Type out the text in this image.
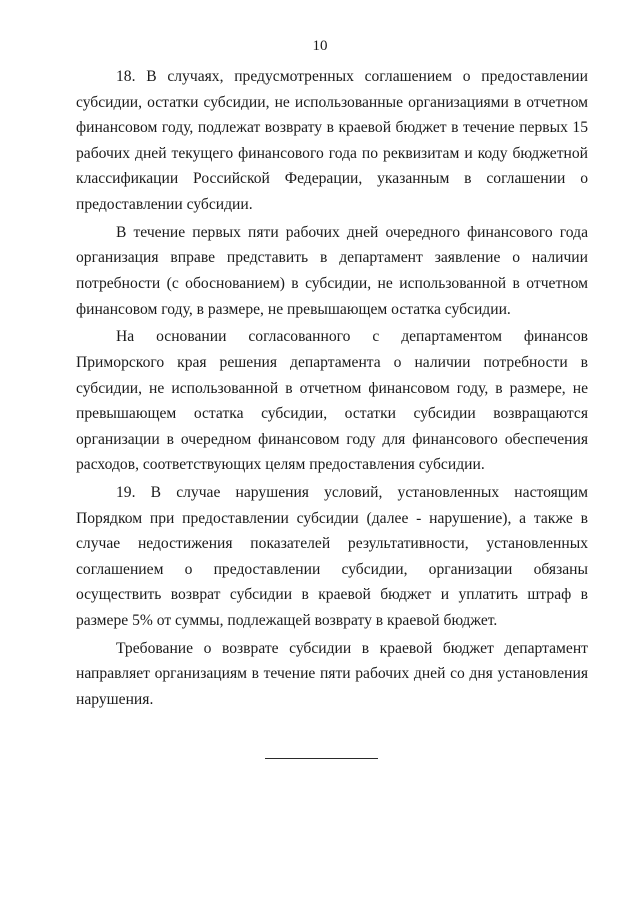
10

18. В случаях, предусмотренных соглашением о предоставлении субсидии, остатки субсидии, не использованные организациями в отчетном финансовом году, подлежат возврату в краевой бюджет в течение первых 15 рабочих дней текущего финансового года по реквизитам и коду бюджетной классификации Российской Федерации, указанным в соглашении о предоставлении субсидии.

В течение первых пяти рабочих дней очередного финансового года организация вправе представить в департамент заявление о наличии потребности (с обоснованием) в субсидии, не использованной в отчетном финансовом году, в размере, не превышающем остатка субсидии.

На основании согласованного с департаментом финансов Приморского края решения департамента о наличии потребности в субсидии, не использованной в отчетном финансовом году, в размере, не превышающем остатка субсидии, остатки субсидии возвращаются организации в очередном финансовом году для финансового обеспечения расходов, соответствующих целям предоставления субсидии.

19. В случае нарушения условий, установленных настоящим Порядком при предоставлении субсидии (далее - нарушение), а также в случае недостижения показателей результативности, установленных соглашением о предоставлении субсидии, организации обязаны осуществить возврат субсидии в краевой бюджет и уплатить штраф в размере 5% от суммы, подлежащей возврату в краевой бюджет.

Требование о возврате субсидии в краевой бюджет департамент направляет организациям в течение пяти рабочих дней со дня установления нарушения.
